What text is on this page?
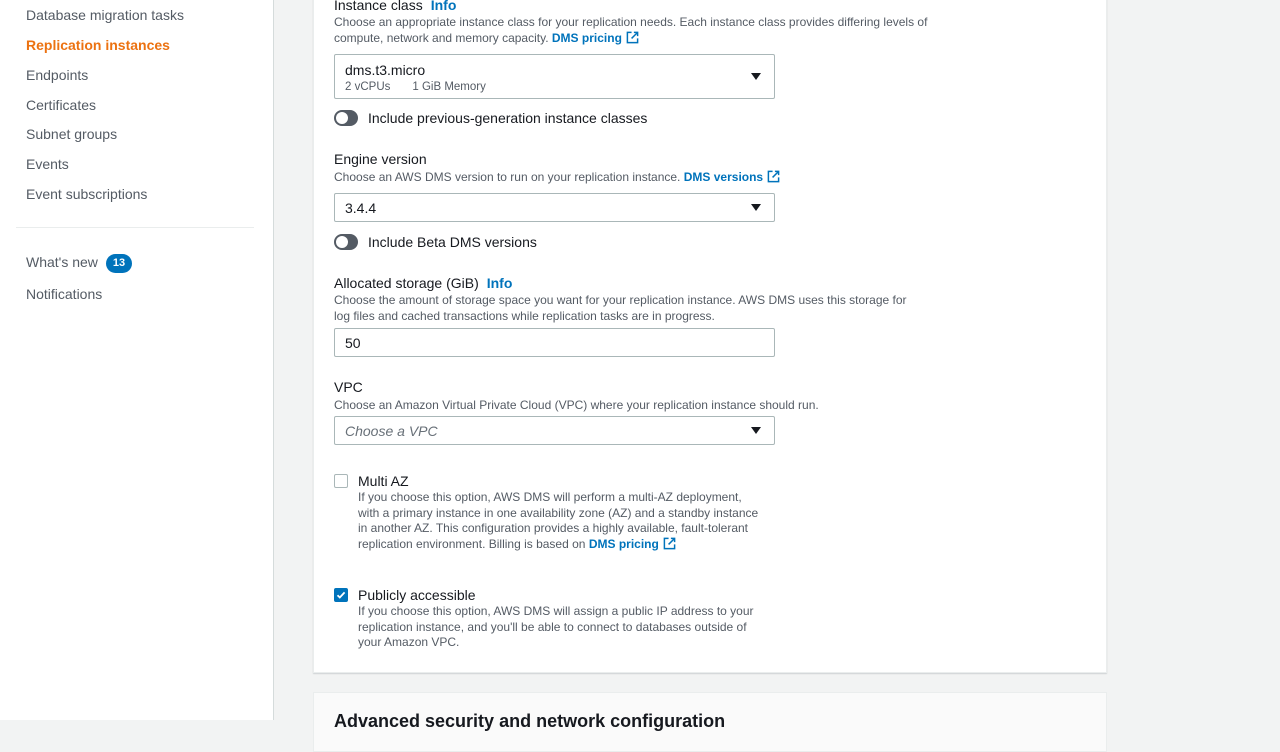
Database migration tasks
Replication instances
Endpoints
Certificates
Subnet groups
Events
Event subscriptions
What's new 13
Notifications
Instance class Info
Choose an appropriate instance class for your replication needs. Each instance class provides differing levels of compute, network and memory capacity. DMS pricing
dms.t3.micro
2 vCPUs 1 GiB Memory
Include previous-generation instance classes
Engine version
Choose an AWS DMS version to run on your replication instance. DMS versions
3.4.4
Include Beta DMS versions
Allocated storage (GiB) Info
Choose the amount of storage space you want for your replication instance. AWS DMS uses this storage for
log files and cached transactions while replication tasks are in progress.
50
VPC
Choose an Amazon Virtual Private Cloud (VPC) where your replication instance should run.
Choose a VPC
Multi AZ
If you choose this option, AWS DMS will perform a multi-AZ deployment,
with a primary instance in one availability zone (AZ) and a standby instance
in another AZ. This configuration provides a highly available, fault-tolerant
replication environment. Billing is based on DMS pricing
Publicly accessible
If you choose this option, AWS DMS will assign a public IP address to your
replication instance, and you'll be able to connect to databases outside of
your Amazon VPC.
Advanced security and network configuration
